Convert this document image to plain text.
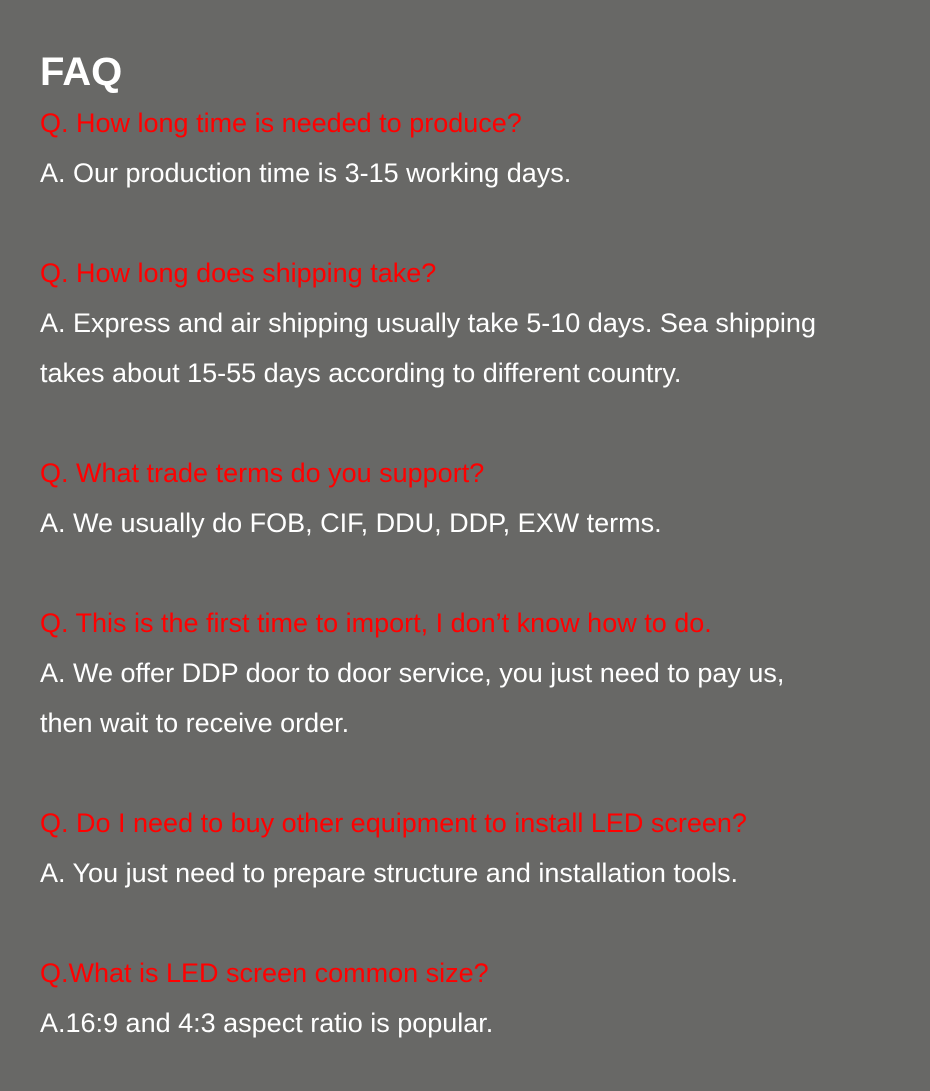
FAQ

Q. How long time is needed to produce?

A. Our production time is 3-15 working days.

Q. How long does shipping take?

A. Express and air shipping usually take 5-10 days. Sea shipping

takes about 15-55 days according to different country.

Q. What trade terms do you support?

A. We usually do FOB, CIF, DDU, DDP, EXW terms.

Q. This is the first time to import, I don’t know how to do.

A. We offer DDP door to door service, you just need to pay us,

then wait to receive order.

Q. Do I need to buy other equipment to install LED screen?

A. You just need to prepare structure and installation tools.

Q.What is LED screen common size?

A.16:9 and 4:3 aspect ratio is popular.
